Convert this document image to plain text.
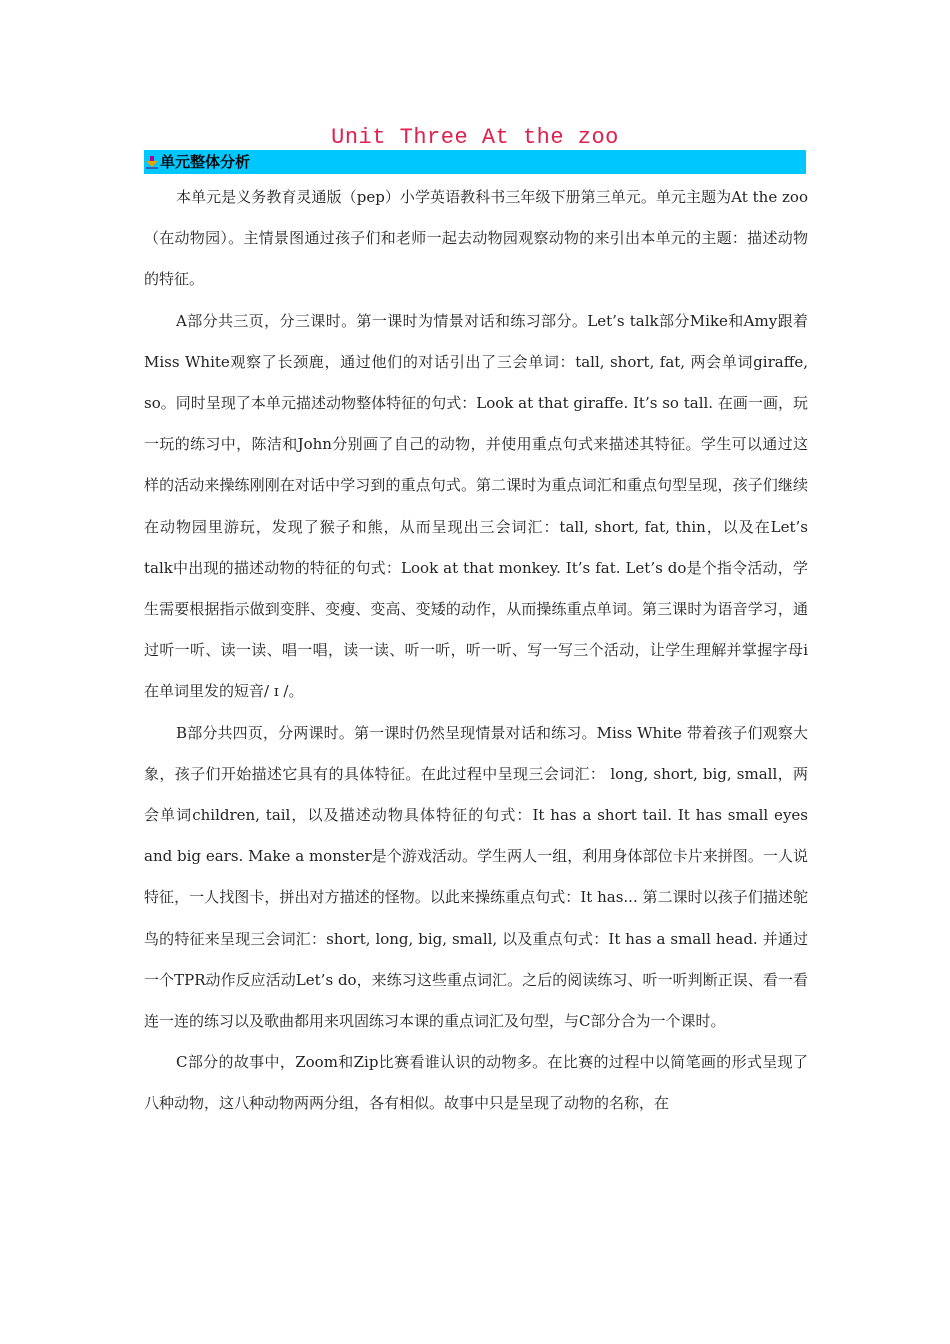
Unit Three At the zoo
单元整体分析

本单元是义务教育灵通版（pep）小学英语教科书三年级下册第三单元。单元主题为At the zoo（在动物园）。主情景图通过孩子们和老师一起去动物园观察动物的来引出本单元的主题：描述动物的特征。

A部分共三页，分三课时。第一课时为情景对话和练习部分。Let’s talk部分Mike和Amy跟着Miss White观察了长颈鹿，通过他们的对话引出了三会单词：tall, short, fat, 两会单词giraffe, so。同时呈现了本单元描述动物整体特征的句式：Look at that giraffe. It’s so tall. 在画一画，玩一玩的练习中，陈洁和John分别画了自己的动物，并使用重点句式来描述其特征。学生可以通过这样的活动来操练刚刚在对话中学习到的重点句式。第二课时为重点词汇和重点句型呈现，孩子们继续在动物园里游玩，发现了猴子和熊，从而呈现出三会词汇：tall, short, fat, thin，以及在Let’s talk中出现的描述动物的特征的句式：Look at that monkey. It’s fat. Let’s do是个指令活动，学生需要根据指示做到变胖、变瘦、变高、变矮的动作，从而操练重点单词。第三课时为语音学习，通过听一听、读一读、唱一唱，读一读、听一听，听一听、写一写三个活动，让学生理解并掌握字母i在单词里发的短音/ ɪ /。

B部分共四页，分两课时。第一课时仍然呈现情景对话和练习。Miss White 带着孩子们观察大象，孩子们开始描述它具有的具体特征。在此过程中呈现三会词汇： long, short, big, small，两会单词children, tail，以及描述动物具体特征的句式：It has a short tail. It has small eyes and big ears. Make a monster是个游戏活动。学生两人一组，利用身体部位卡片来拼图。一人说特征，一人找图卡，拼出对方描述的怪物。以此来操练重点句式：It has... 第二课时以孩子们描述鸵鸟的特征来呈现三会词汇：short, long, big, small, 以及重点句式：It has a small head. 并通过一个TPR动作反应活动Let’s do，来练习这些重点词汇。之后的阅读练习、听一听判断正误、看一看连一连的练习以及歌曲都用来巩固练习本课的重点词汇及句型，与C部分合为一个课时。

C部分的故事中，Zoom和Zip比赛看谁认识的动物多。在比赛的过程中以简笔画的形式呈现了八种动物，这八种动物两两分组，各有相似。故事中只是呈现了动物的名称，在
